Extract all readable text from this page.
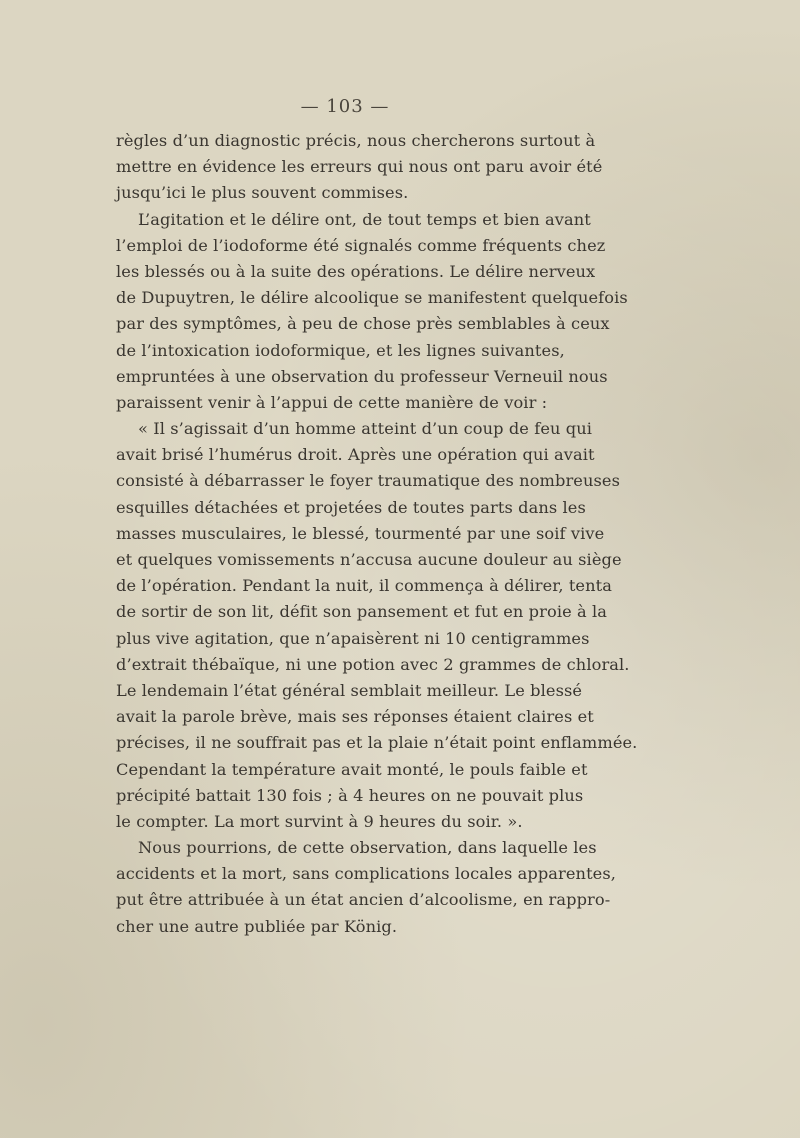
— 103 —
règles d’un diagnostic précis, nous chercherons surtout à
mettre en évidence les erreurs qui nous ont paru avoir été
jusqu’ici le plus souvent commises.
L’agitation et le délire ont, de tout temps et bien avant
l’emploi de l’iodoforme été signalés comme fréquents chez
les blessés ou à la suite des opérations. Le délire nerveux
de Dupuytren, le délire alcoolique se manifestent quelquefois
par des symptômes, à peu de chose près semblables à ceux
de l’intoxication iodoformique, et les lignes suivantes,
empruntées à une observation du professeur Verneuil nous
paraissent venir à l’appui de cette manière de voir :
« Il s’agissait d’un homme atteint d’un coup de feu qui
avait brisé l’humérus droit. Après une opération qui avait
consisté à débarrasser le foyer traumatique des nombreuses
esquilles détachées et projetées de toutes parts dans les
masses musculaires, le blessé, tourmenté par une soif vive
et quelques vomissements n’accusa aucune douleur au siège
de l’opération. Pendant la nuit, il commença à délirer, tenta
de sortir de son lit, défit son pansement et fut en proie à la
plus vive agitation, que n’apaisèrent ni 10 centigrammes
d’extrait thébaïque, ni une potion avec 2 grammes de chloral.
Le lendemain l’état général semblait meilleur. Le blessé
avait la parole brève, mais ses réponses étaient claires et
précises, il ne souffrait pas et la plaie n’était point enflammée.
Cependant la température avait monté, le pouls faible et
précipité battait 130 fois ; à 4 heures on ne pouvait plus
le compter. La mort survint à 9 heures du soir. ».
Nous pourrions, de cette observation, dans laquelle les
accidents et la mort, sans complications locales apparentes,
put être attribuée à un état ancien d’alcoolisme, en rappro-
cher une autre publiée par König.
